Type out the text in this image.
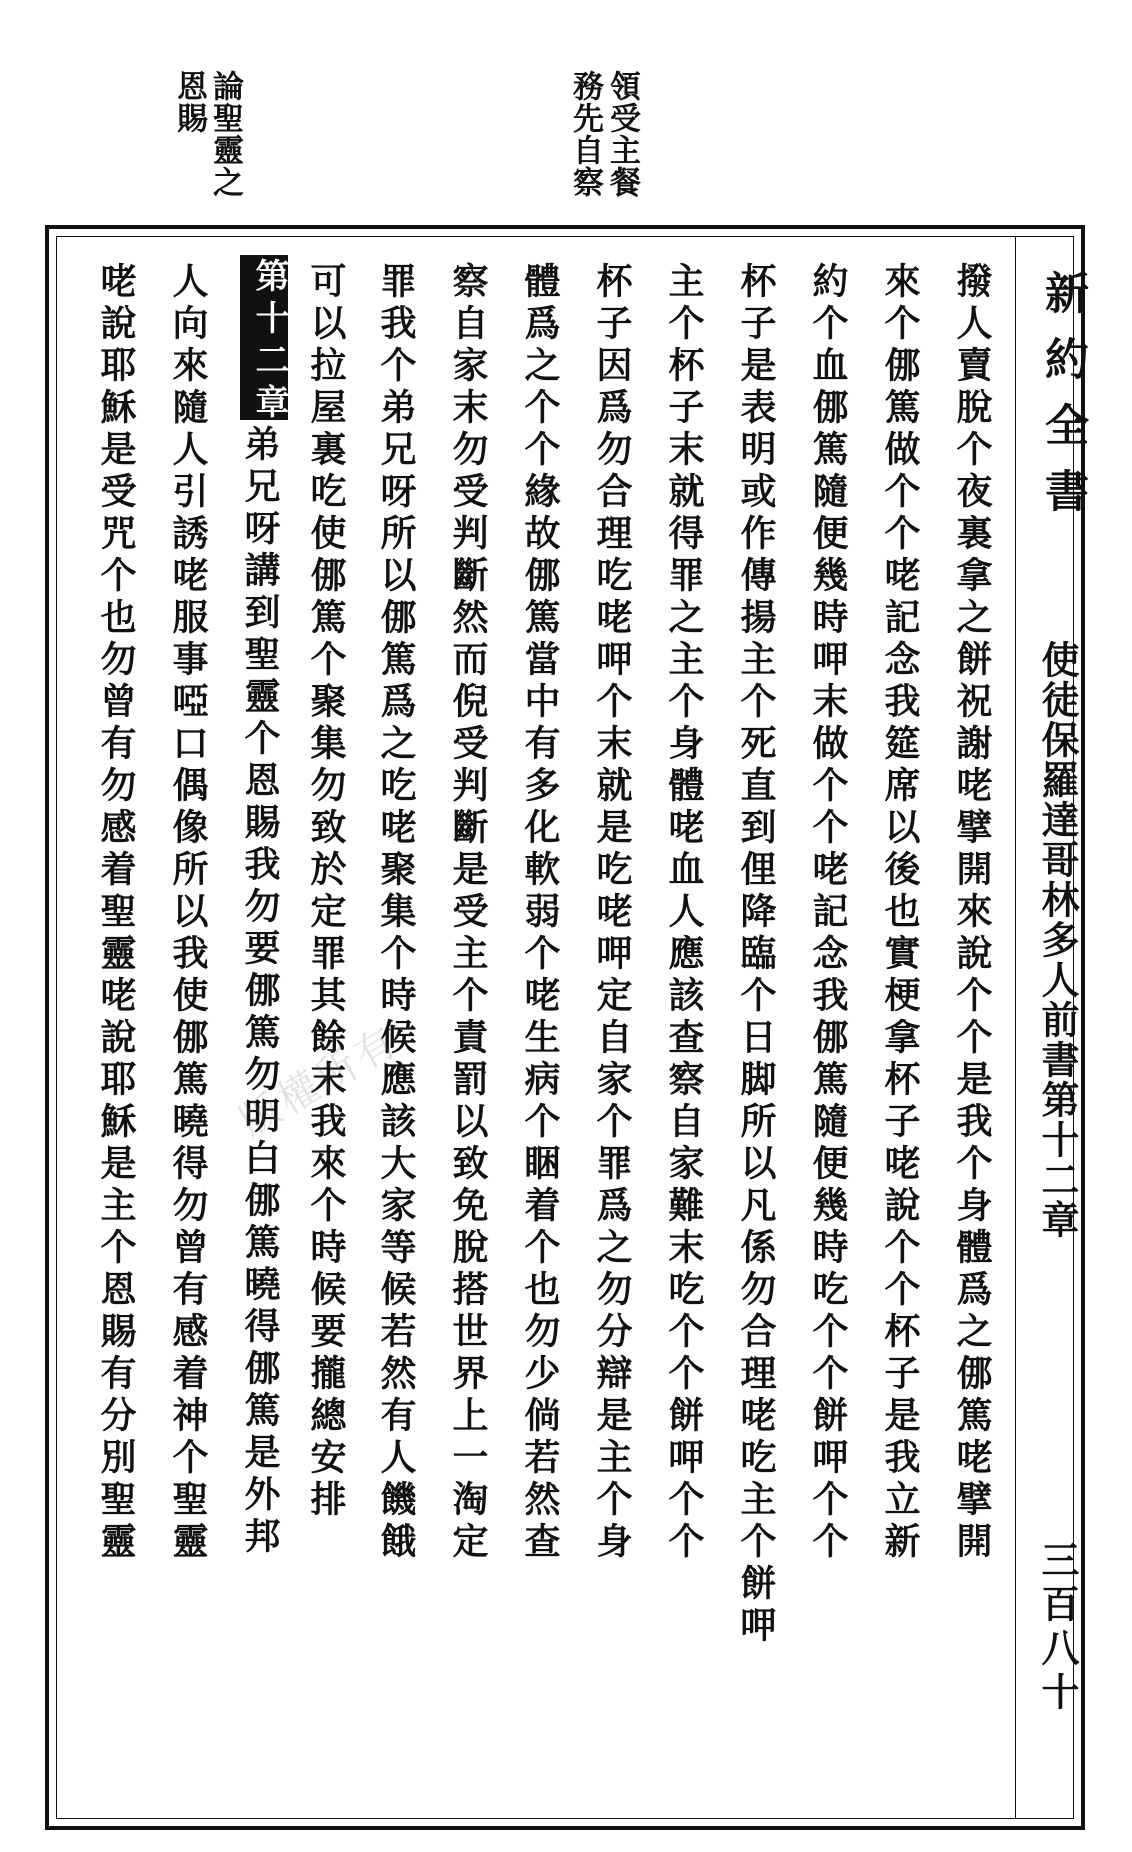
領受主餐
務先自察
論聖靈之
恩賜
新約全書
使徒保羅達哥林多人前書第十二章
三百八十
撥人賣脫个夜裏拿之餅祝謝咾擘開來說个个是我个身體爲之㑚篤咾擘開
來个㑚篤做个个咾記念我筵席以後也實梗拿杯子咾說个个杯子是我立新
約个血㑚篤隨便幾時呷末做个个咾記念我㑚篤隨便幾時吃个个餅呷个个
杯子是表明或作傳揚主个死直到俚降臨个日脚所以凡係勿合理咾吃主个餅呷
主个杯子末就得罪之主个身體咾血人應該查察自家難末吃个个餅呷个个
杯子因爲勿合理吃咾呷个末就是吃咾呷定自家个罪爲之勿分辯是主个身
體爲之个个緣故㑚篤當中有多化軟弱个咾生病个睏着个也勿少倘若然查
察自家末勿受判斷然而倪受判斷是受主个責罰以致免脫搭世界上一淘定
罪我个弟兄呀所以㑚篤爲之吃咾聚集个時候應該大家等候若然有人饑餓
可以拉屋裏吃使㑚篤个聚集勿致於定罪其餘末我來个時候要攏總安排
第十二章
弟兄呀講到聖靈个恩賜我勿要㑚篤勿明白㑚篤曉得㑚篤是外邦
人向來隨人引誘咾服事啞口偶像所以我使㑚篤曉得勿曾有感着神个聖靈
咾說耶穌是受咒个也勿曾有勿感着聖靈咾說耶穌是主个恩賜有分別聖靈 版權所有
